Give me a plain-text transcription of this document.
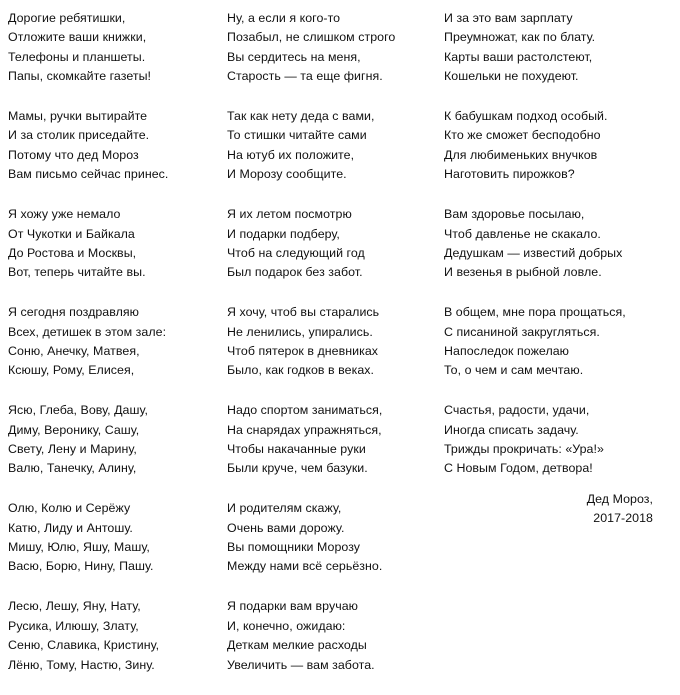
Дорогие ребятишки,
Отложите ваши книжки,
Телефоны и планшеты.
Папы, скомкайте газеты!
Мамы, ручки вытирайте
И за столик приседайте.
Потому что дед Мороз
Вам письмо сейчас принес.
Я хожу уже немало
От Чукотки и Байкала
До Ростова и Москвы,
Вот, теперь читайте вы.
Я сегодня поздравляю
Всех, детишек в этом зале:
Соню, Анечку, Матвея,
Ксюшу, Рому, Елисея,
Ясю, Глеба, Вову, Дашу,
Диму, Веронику, Сашу,
Свету, Лену и Марину,
Валю, Танечку, Алину,
Олю, Колю и Серёжу
Катю, Лиду и Антошу.
Мишу, Юлю, Яшу, Машу,
Васю, Борю, Нину, Пашу.
Лесю, Лешу, Яну, Нату,
Русика, Илюшу, Злату,
Сеню, Славика, Кристину,
Лёню, Тому, Настю, Зину.
Ну, а если я кого-то
Позабыл, не слишком строго
Вы сердитесь на меня,
Старость — та еще фигня.
Так как нету деда с вами,
То стишки читайте сами
На ютуб их положите,
И Морозу сообщите.
Я их летом посмотрю
И подарки подберу,
Чтоб на следующий год
Был подарок без забот.
Я хочу, чтоб вы старались
Не ленились, упирались.
Чтоб пятерок в дневниках
Было, как годков в веках.
Надо спортом заниматься,
На снарядах упражняться,
Чтобы накачанные руки
Были круче, чем базуки.
И родителям скажу,
Очень вами дорожу.
Вы помощники Морозу
Между нами всё серьёзно.
Я подарки вам вручаю
И, конечно, ожидаю:
Деткам мелкие расходы
Увеличить — вам забота.
И за это вам зарплату
Преумножат, как по блату.
Карты ваши растолстеют,
Кошельки не похудеют.
К бабушкам подход особый.
Кто же сможет бесподобно
Для любименьких внучков
Наготовить пирожков?
Вам здоровье посылаю,
Чтоб давленье не скакало.
Дедушкам — известий добрых
И везенья в рыбной ловле.
В общем, мне пора прощаться,
С писаниной закругляться.
Напоследок пожелаю
То, о чем и сам мечтаю.
Счастья, радости, удачи,
Иногда списать задачу.
Трижды прокричать: «Ура!»
С Новым Годом, детвора!
Дед Мороз,
2017-2018
